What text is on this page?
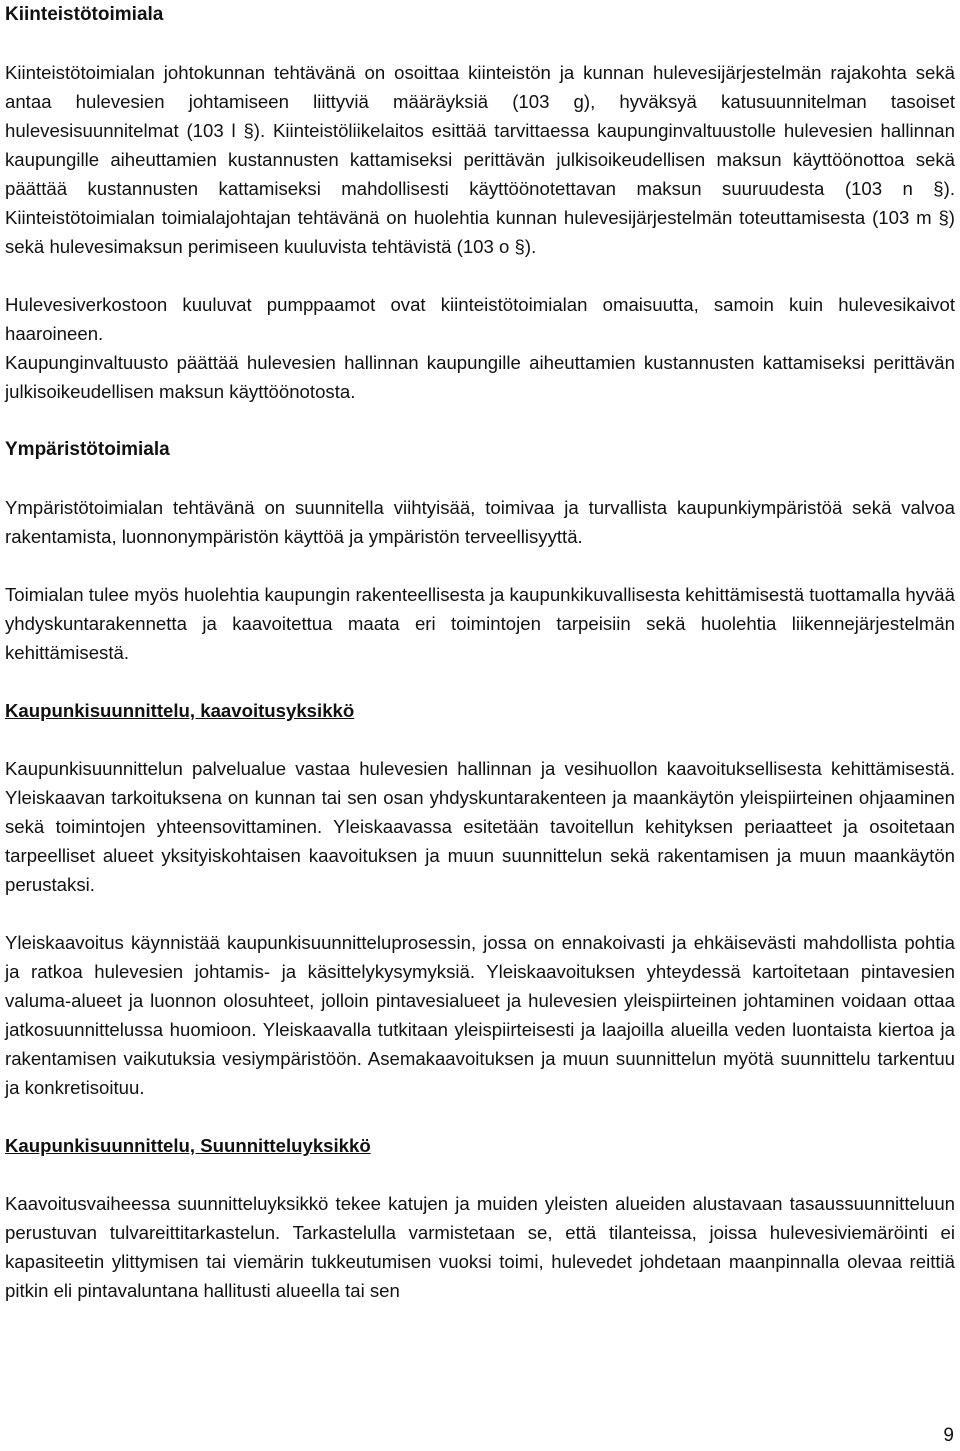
Kiinteistötoimiala

Kiinteistötoimialan johtokunnan tehtävänä on osoittaa kiinteistön ja kunnan hulevesijärjestelmän rajakohta sekä antaa hulevesien johtamiseen liittyviä määräyksiä (103 g), hyväksyä katusuunnitelman tasoiset hulevesisuunnitelmat (103 l §). Kiinteistöliikelaitos esittää tarvittaessa kaupunginvaltuustolle hulevesien hallinnan kaupungille aiheuttamien kustannusten kattamiseksi perittävän julkisoikeudellisen maksun käyttöönottoa sekä päättää kustannusten kattamiseksi mahdollisesti käyttöönotettavan maksun suuruudesta (103 n §). Kiinteistötoimialan toimialajohtajan tehtävänä on huolehtia kunnan hulevesijärjestelmän toteuttamisesta (103 m §) sekä hulevesimaksun perimiseen kuuluvista tehtävistä (103 o §).

Hulevesiverkostoon kuuluvat pumppaamot ovat kiinteistötoimialan omaisuutta, samoin kuin hulevesikaivot haaroineen.

Kaupunginvaltuusto päättää hulevesien hallinnan kaupungille aiheuttamien kustannusten kattamiseksi perittävän julkisoikeudellisen maksun käyttöönotosta.

Ympäristötoimiala

Ympäristötoimialan tehtävänä on suunnitella viihtyisää, toimivaa ja turvallista kaupunkiympäristöä sekä valvoa rakentamista, luonnonympäristön käyttöä ja ympäristön terveellisyyttä.

Toimialan tulee myös huolehtia kaupungin rakenteellisesta ja kaupunkikuvallisesta kehittämisestä tuottamalla hyvää yhdyskuntarakennetta ja kaavoitettua maata eri toimintojen tarpeisiin sekä huolehtia liikennejärjestelmän kehittämisestä.

Kaupunkisuunnittelu, kaavoitusyksikkö

Kaupunkisuunnittelun palvelualue vastaa hulevesien hallinnan ja vesihuollon kaavoituksellisesta kehittämisestä. Yleiskaavan tarkoituksena on kunnan tai sen osan yhdyskuntarakenteen ja maankäytön yleispiirteinen ohjaaminen sekä toimintojen yhteensovittaminen. Yleiskaavassa esitetään tavoitellun kehityksen periaatteet ja osoitetaan tarpeelliset alueet yksityiskohtaisen kaavoituksen ja muun suunnittelun sekä rakentamisen ja muun maankäytön perustaksi.

Yleiskaavoitus käynnistää kaupunkisuunnitteluprosessin, jossa on ennakoivasti ja ehkäisevästi mahdollista pohtia ja ratkoa hulevesien johtamis- ja käsittelykysymyksiä. Yleiskaavoituksen yhteydessä kartoitetaan pintavesien valuma-alueet ja luonnon olosuhteet, jolloin pintavesialueet ja hulevesien yleispiirteinen johtaminen voidaan ottaa jatkosuunnittelussa huomioon. Yleiskaavalla tutkitaan yleispiirteisesti ja laajoilla alueilla veden luontaista kiertoa ja rakentamisen vaikutuksia vesiympäristöön. Asemakaavoituksen ja muun suunnittelun myötä suunnittelu tarkentuu ja konkretisoituu.

Kaupunkisuunnittelu, Suunnitteluyksikkö

Kaavoitusvaiheessa suunnitteluyksikkö tekee katujen ja muiden yleisten alueiden alustavaan tasaussuunnitteluun perustuvan tulvareittitarkastelun. Tarkastelulla varmistetaan se, että tilanteissa, joissa hulevesiviemäröinti ei kapasiteetin ylittymisen tai viemärin tukkeutumisen vuoksi toimi, hulevedet johdetaan maanpinnalla olevaa reittiä pitkin eli pintavaluntana hallitusti alueella tai sen

9
